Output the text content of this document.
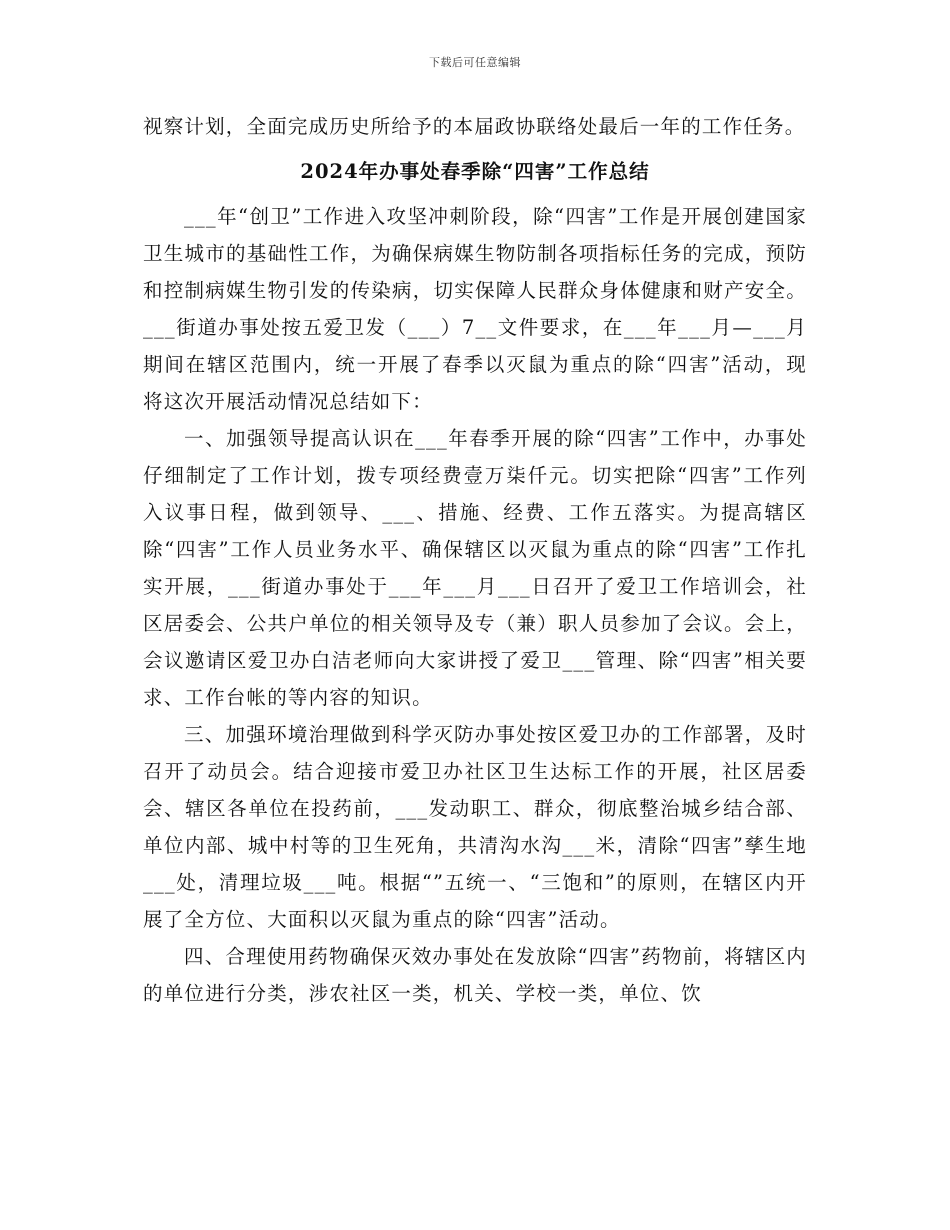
下载后可任意编辑

视察计划，全面完成历史所给予的本届政协联络处最后一年的工作任务。

2024年办事处春季除“四害”工作总结

___年“创卫”工作进入攻坚冲刺阶段，除“四害”工作是开展创建国家卫生城市的基础性工作，为确保病媒生物防制各项指标任务的完成，预防和控制病媒生物引发的传染病，切实保障人民群众身体健康和财产安全。___街道办事处按五爱卫发（___）7__文件要求，在___年___月—___月期间在辖区范围内，统一开展了春季以灭鼠为重点的除“四害”活动，现将这次开展活动情况总结如下：

一、加强领导提高认识在___年春季开展的除“四害”工作中，办事处仔细制定了工作计划，拨专项经费壹万柒仟元。切实把除“四害”工作列入议事日程，做到领导、___、措施、经费、工作五落实。为提高辖区除“四害”工作人员业务水平、确保辖区以灭鼠为重点的除“四害”工作扎实开展，___街道办事处于___年___月___日召开了爱卫工作培训会，社区居委会、公共户单位的相关领导及专（兼）职人员参加了会议。会上，会议邀请区爱卫办白洁老师向大家讲授了爱卫___管理、除“四害”相关要求、工作台帐的等内容的知识。

三、加强环境治理做到科学灭防办事处按区爱卫办的工作部署，及时召开了动员会。结合迎接市爱卫办社区卫生达标工作的开展，社区居委会、辖区各单位在投药前，___发动职工、群众，彻底整治城乡结合部、单位内部、城中村等的卫生死角，共清沟水沟___米，清除“四害”孳生地___处，清理垃圾___吨。根据“”五统一、“三饱和”的原则，在辖区内开展了全方位、大面积以灭鼠为重点的除“四害”活动。

四、合理使用药物确保灭效办事处在发放除“四害”药物前，将辖区内的单位进行分类，涉农社区一类，机关、学校一类，单位、饮
